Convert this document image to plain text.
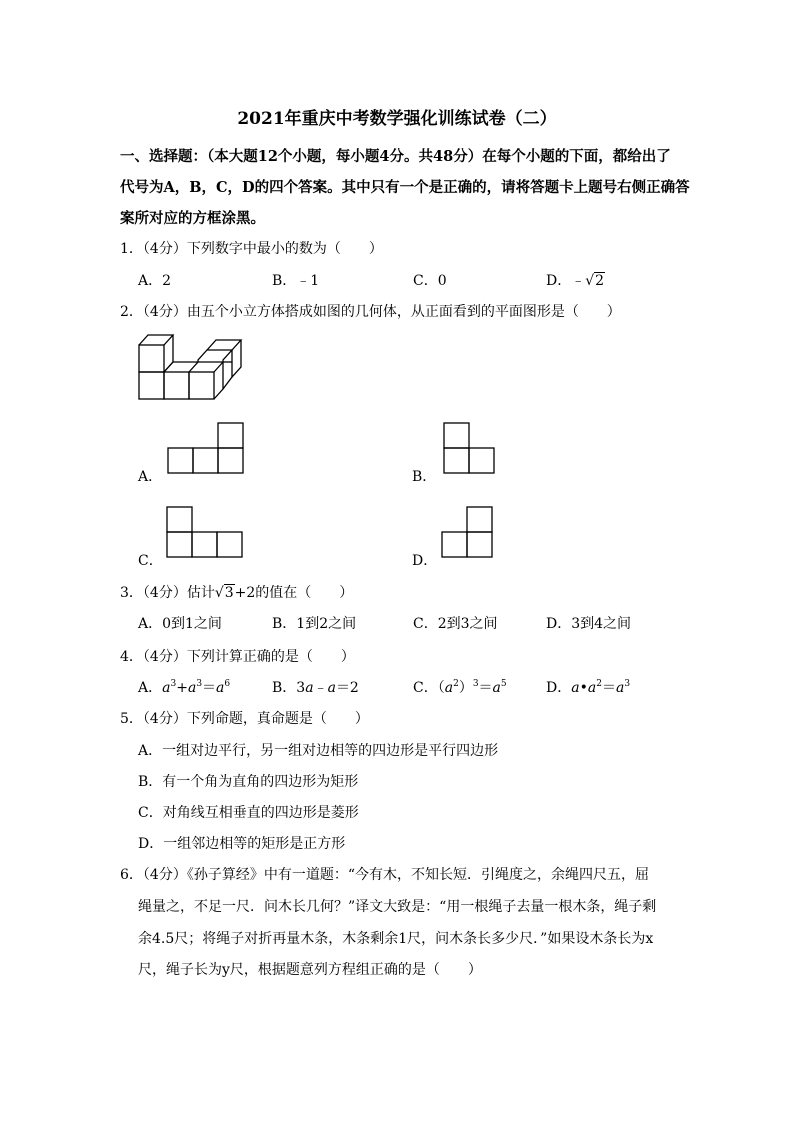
2021年重庆中考数学强化训练试卷（二）
一、选择题：（本大题12个小题，每小题4分。共48分）在每个小题的下面，都给出了
代号为A，B，C，D的四个答案。其中只有一个是正确的，请将答题卡上题号右侧正确答
案所对应的方框涂黑。
1．（4分）下列数字中最小的数为（　　）
A．2	B．﹣1	C．0	D．﹣√2
2．（4分）由五个小立方体搭成如图的几何体，从正面看到的平面图形是（　　）
A．	B．
C．	D．
3．（4分）估计√3+2的值在（　　）
A．0到1之间	B．1到2之间	C．2到3之间	D．3到4之间
4．（4分）下列计算正确的是（　　）
A．$a^3+a^3=a^6$	B．3a﹣a＝2	C．$(a^2)^3=a^5$	D．$a•a^2=a^3$
5．（4分）下列命题，真命题是（　　）
A．一组对边平行，另一组对边相等的四边形是平行四边形
B．有一个角为直角的四边形为矩形
C．对角线互相垂直的四边形是菱形
D．一组邻边相等的矩形是正方形
6．（4分）《孙子算经》中有一道题：“今有木，不知长短．引绳度之，余绳四尺五，屈
绳量之，不足一尺．问木长几何？”译文大致是：“用一根绳子去量一根木条，绳子剩
余4.5尺；将绳子对折再量木条，木条剩余1尺，问木条长多少尺．”如果设木条长为x
尺，绳子长为y尺，根据题意列方程组正确的是（　　）
